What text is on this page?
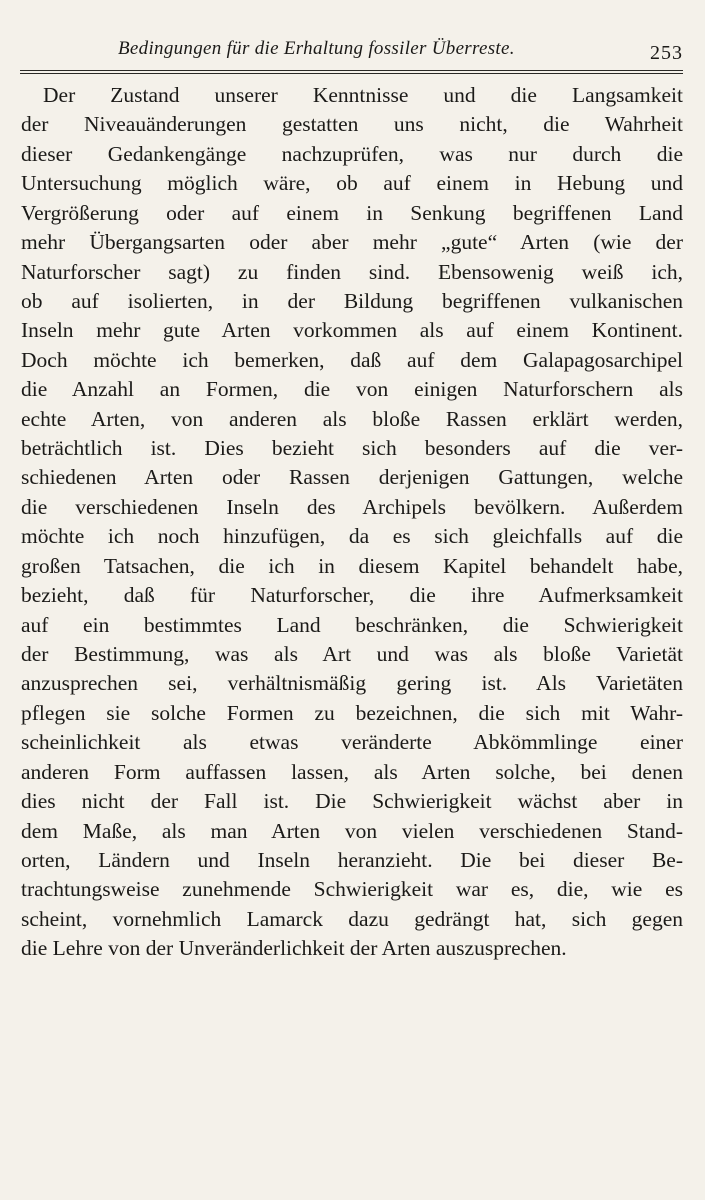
Bedingungen für die Erhaltung fossiler Überreste.	253
Der Zustand unserer Kenntnisse und die Langsamkeit
der Niveauänderungen gestatten uns nicht, die Wahrheit
dieser Gedankengänge nachzuprüfen, was nur durch die
Untersuchung möglich wäre, ob auf einem in Hebung und
Vergrößerung oder auf einem in Senkung begriffenen Land
mehr Übergangsarten oder aber mehr „gute“ Arten (wie der
Naturforscher sagt) zu finden sind. Ebensowenig weiß ich,
ob auf isolierten, in der Bildung begriffenen vulkanischen
Inseln mehr gute Arten vorkommen als auf einem Kontinent.
Doch möchte ich bemerken, daß auf dem Galapagosarchipel
die Anzahl an Formen, die von einigen Naturforschern als
echte Arten, von anderen als bloße Rassen erklärt werden,
beträchtlich ist. Dies bezieht sich besonders auf die ver-
schiedenen Arten oder Rassen derjenigen Gattungen, welche
die verschiedenen Inseln des Archipels bevölkern. Außerdem
möchte ich noch hinzufügen, da es sich gleichfalls auf die
großen Tatsachen, die ich in diesem Kapitel behandelt habe,
bezieht, daß für Naturforscher, die ihre Aufmerksamkeit
auf ein bestimmtes Land beschränken, die Schwierigkeit
der Bestimmung, was als Art und was als bloße Varietät
anzusprechen sei, verhältnismäßig gering ist. Als Varietäten
pflegen sie solche Formen zu bezeichnen, die sich mit Wahr-
scheinlichkeit als etwas veränderte Abkömmlinge einer
anderen Form auffassen lassen, als Arten solche, bei denen
dies nicht der Fall ist. Die Schwierigkeit wächst aber in
dem Maße, als man Arten von vielen verschiedenen Stand-
orten, Ländern und Inseln heranzieht. Die bei dieser Be-
trachtungsweise zunehmende Schwierigkeit war es, die, wie es
scheint, vornehmlich Lamarck dazu gedrängt hat, sich gegen
die Lehre von der Unveränderlichkeit der Arten auszusprechen.
